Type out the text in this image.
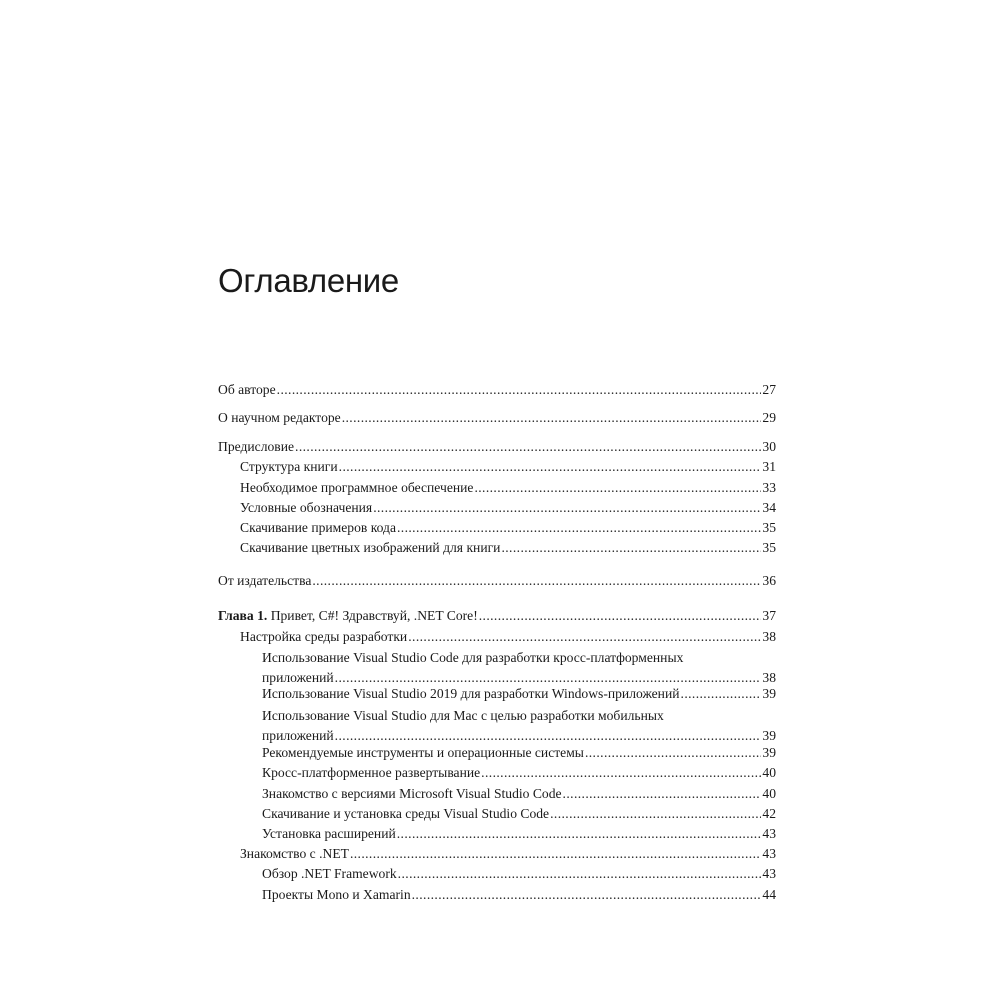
Оглавление
Об авторе .....	27
О научном редакторе .....	29
Предисловие .....	30
Структура книги .....	31
Необходимое программное обеспечение .....	33
Условные обозначения .....	34
Скачивание примеров кода .....	35
Скачивание цветных изображений для книги .....	35
От издательства .....	36
Глава 1. Привет, C#! Здравствуй, .NET Core! .....	37
Настройка среды разработки .....	38
Использование Visual Studio Code для разработки кросс-платформенных
приложений .....	38
Использование Visual Studio 2019 для разработки Windows-приложений .....	39
Использование Visual Studio для Mac с целью разработки мобильных
приложений .....	39
Рекомендуемые инструменты и операционные системы .....	39
Кросс-платформенное развертывание .....	40
Знакомство с версиями Microsoft Visual Studio Code .....	40
Скачивание и установка среды Visual Studio Code .....	42
Установка расширений .....	43
Знакомство с .NET .....	43
Обзор .NET Framework .....	43
Проекты Mono и Xamarin .....	44
